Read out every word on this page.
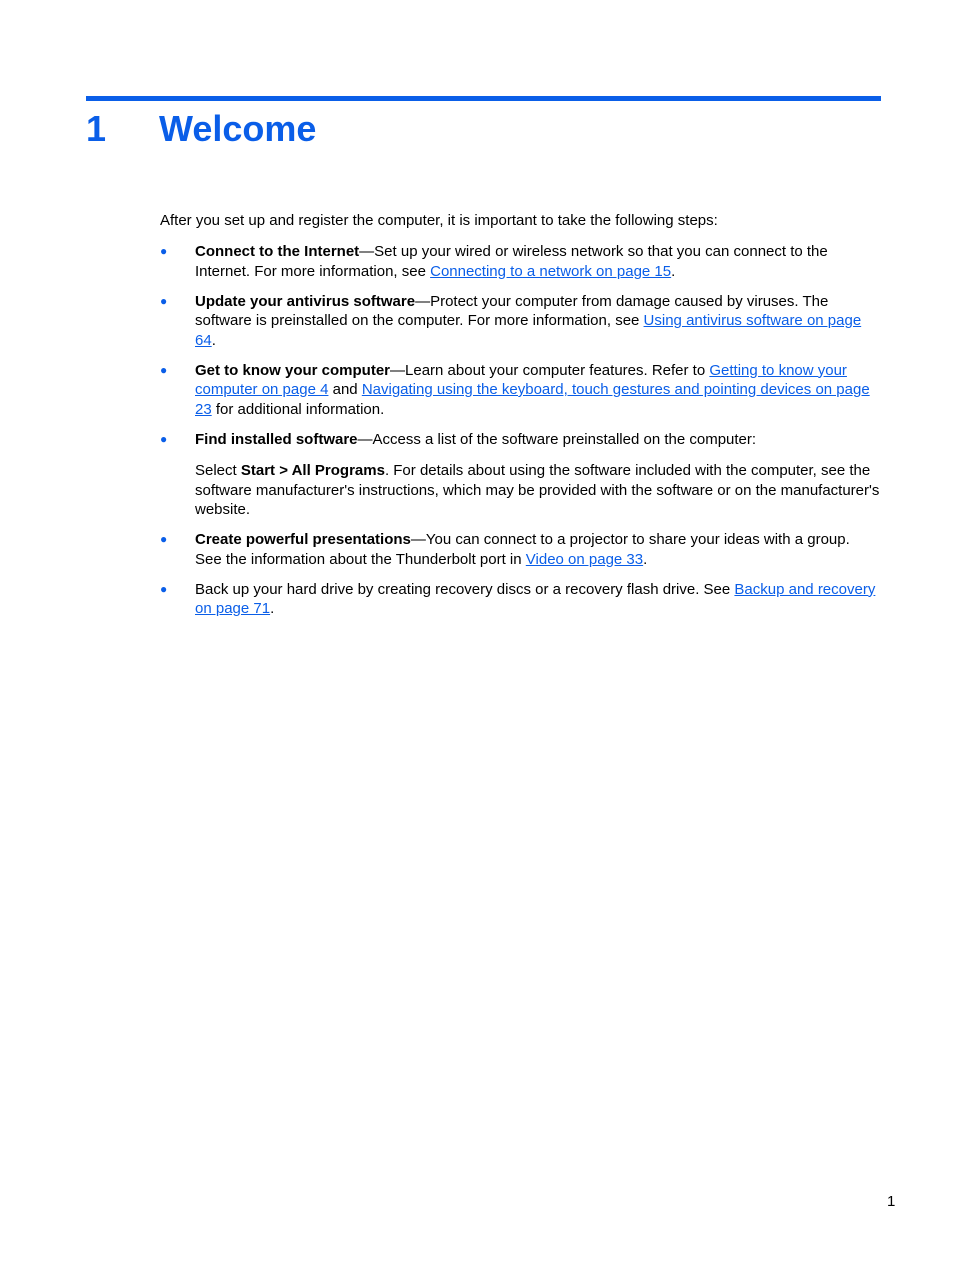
1 Welcome

After you set up and register the computer, it is important to take the following steps:

● Connect to the Internet—Set up your wired or wireless network so that you can connect to the Internet. For more information, see Connecting to a network on page 15.

● Update your antivirus software—Protect your computer from damage caused by viruses. The software is preinstalled on the computer. For more information, see Using antivirus software on page 64.

● Get to know your computer—Learn about your computer features. Refer to Getting to know your computer on page 4 and Navigating using the keyboard, touch gestures and pointing devices on page 23 for additional information.

● Find installed software—Access a list of the software preinstalled on the computer:

Select Start > All Programs. For details about using the software included with the computer, see the software manufacturer's instructions, which may be provided with the software or on the manufacturer's website.

● Create powerful presentations—You can connect to a projector to share your ideas with a group. See the information about the Thunderbolt port in Video on page 33.

● Back up your hard drive by creating recovery discs or a recovery flash drive. See Backup and recovery on page 71.

1
